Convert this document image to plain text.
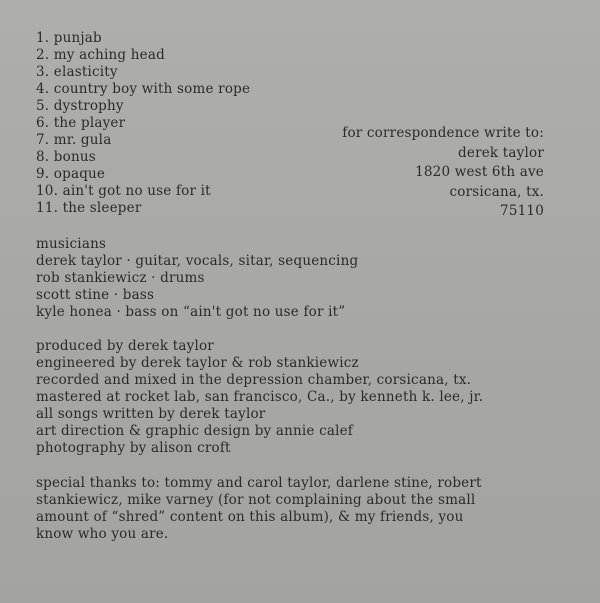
1. punjab
2. my aching head
3. elasticity
4. country boy with some rope
5. dystrophy
6. the player
7. mr. gula
8. bonus
9. opaque
10. ain't got no use for it
11. the sleeper
for correspondence write to:
derek taylor
1820 west 6th ave
corsicana, tx.
75110
musicians
derek taylor · guitar, vocals, sitar, sequencing
rob stankiewicz · drums
scott stine · bass
kyle honea · bass on “ain't got no use for it”
produced by derek taylor
engineered by derek taylor & rob stankiewicz
recorded and mixed in the depression chamber, corsicana, tx.
mastered at rocket lab, san francisco, Ca., by kenneth k. lee, jr.
all songs written by derek taylor
art direction & graphic design by annie calef
photography by alison croft
special thanks to: tommy and carol taylor, darlene stine, robert
stankiewicz, mike varney (for not complaining about the small
amount of “shred” content on this album), & my friends, you
know who you are.
